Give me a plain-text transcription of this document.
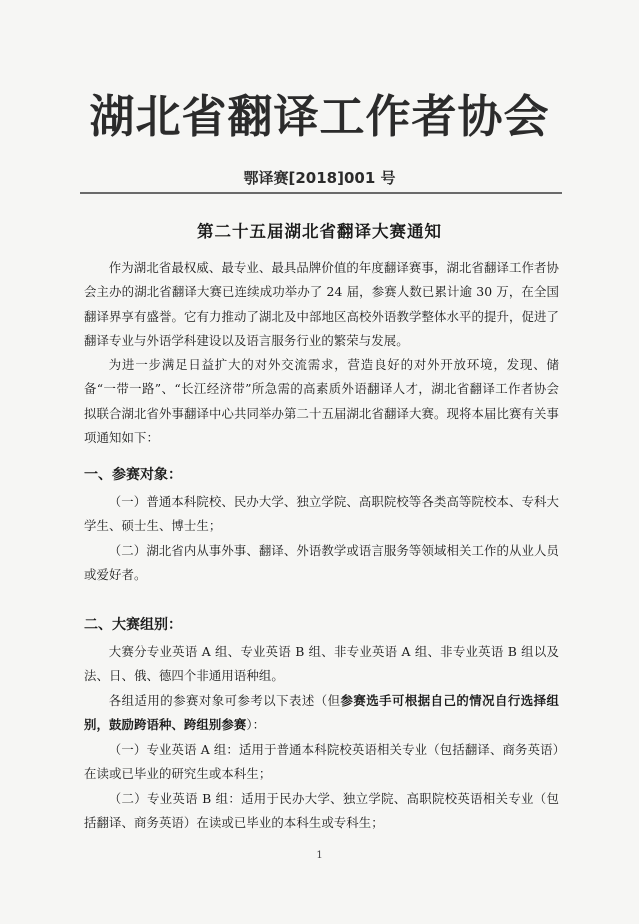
湖北省翻译工作者协会
鄂译赛[2018]001 号
第二十五届湖北省翻译大赛通知

作为湖北省最权威、最专业、最具品牌价值的年度翻译赛事，湖北省翻译工作者协会主办的湖北省翻译大赛已连续成功举办了 24 届，参赛人数已累计逾 30 万，在全国翻译界享有盛誉。它有力推动了湖北及中部地区高校外语教学整体水平的提升，促进了翻译专业与外语学科建设以及语言服务行业的繁荣与发展。

为进一步满足日益扩大的对外交流需求，营造良好的对外开放环境，发现、储备“一带一路”、“长江经济带”所急需的高素质外语翻译人才，湖北省翻译工作者协会拟联合湖北省外事翻译中心共同举办第二十五届湖北省翻译大赛。现将本届比赛有关事项通知如下：

一、参赛对象：

（一）普通本科院校、民办大学、独立学院、高职院校等各类高等院校本、专科大学生、硕士生、博士生；

（二）湖北省内从事外事、翻译、外语教学或语言服务等领域相关工作的从业人员或爱好者。

二、大赛组别：

大赛分专业英语 A 组、专业英语 B 组、非专业英语 A 组、非专业英语 B 组以及法、日、俄、德四个非通用语种组。

各组适用的参赛对象可参考以下表述（但参赛选手可根据自己的情况自行选择组别，鼓励跨语种、跨组别参赛）：

（一）专业英语 A 组：适用于普通本科院校英语相关专业（包括翻译、商务英语）在读或已毕业的研究生或本科生；

（二）专业英语 B 组：适用于民办大学、独立学院、高职院校英语相关专业（包括翻译、商务英语）在读或已毕业的本科生或专科生；

1
